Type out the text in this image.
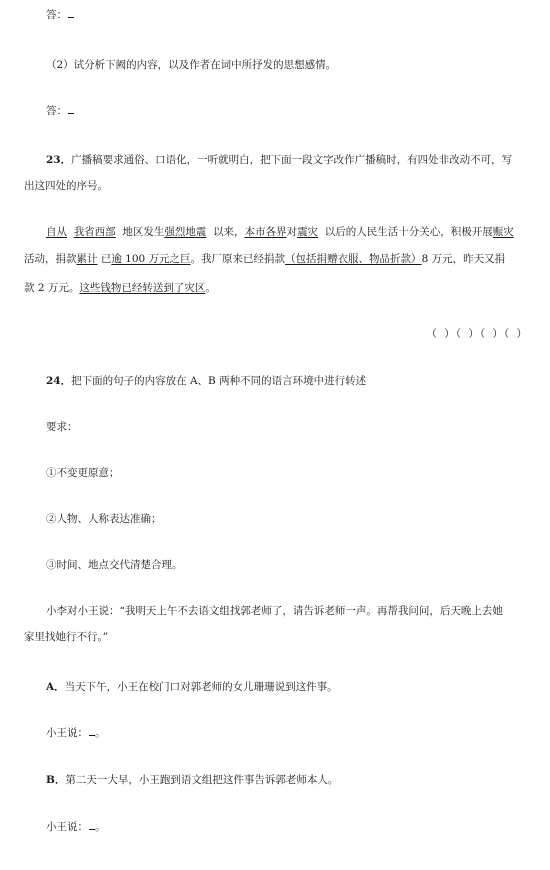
答：
（2）试分析下阙的内容，以及作者在词中所抒发的思想感情。
答：
23．广播稿要求通俗、口语化，一听就明白，把下面一段文字改作广播稿时，有四处非改动不可，写
出这四处的序号。
自从 我省西部 地区发生强烈地震 以来，本市各界对震灾 以后的人民生活十分关心，积极开展赈灾
活动，捐款累计 已逾 100 万元之巨。我厂原来已经捐款（包括捐赠衣服、物品折款）8 万元，昨天又捐
款 2 万元。这些钱物已经转送到了灾区。
（ ）（ ）（ ）（ ）
24．把下面的句子的内容放在 A、B 两种不同的语言环境中进行转述
要求：
①不变更原意；
②人物、人称表达准确；
③时间、地点交代清楚合理。
小李对小王说：“我明天上午不去语文组找郭老师了，请告诉老师一声。再帮我问问，后天晚上去她
家里找她行不行。”
A．当天下午，小王在校门口对郭老师的女儿珊珊说到这件事。
小王说： 。
B．第二天一大早，小王跑到语文组把这件事告诉郭老师本人。
小王说： 。
